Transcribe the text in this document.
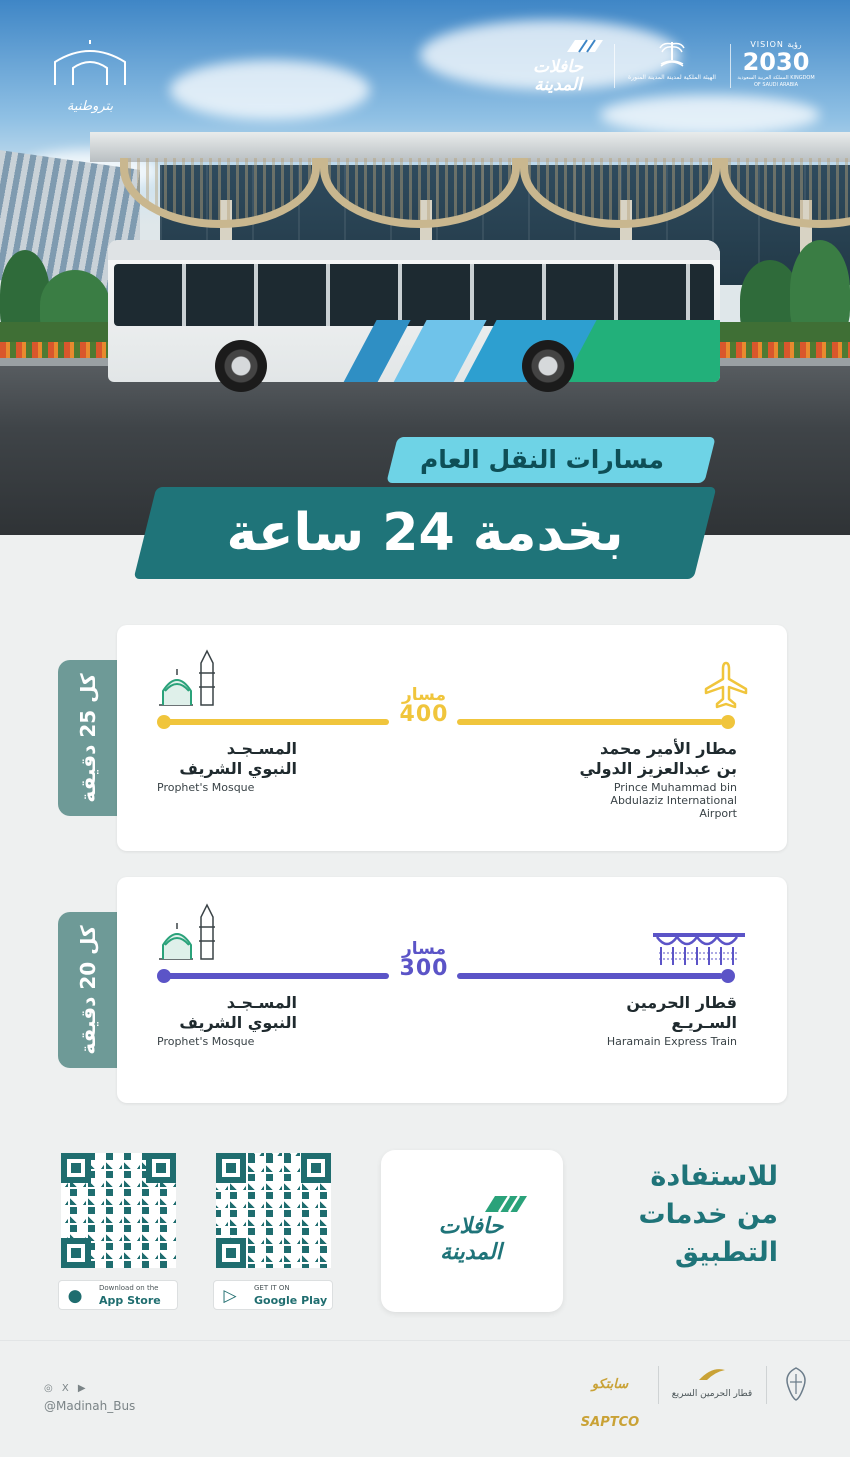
بتروطنية
حافلات المدينة	الهيئة الملكية لمدينة المدينة المنورة
VISION رؤية
2030
المملكة العربية السعودية KINGDOM OF SAUDI ARABIA
مسارات النقل العام
بخدمة 24 ساعة
كل 25 دقيقة	مسار
400
المسـجـد
النبوي الشريف
Prophet's Mosque
مطار الأمير محمد
بن عبدالعزيز الدولي
Prince Muhammad bin
Abdulaziz International
Airport
كل 20 دقيقة	مسار
300
المسـجـد
النبوي الشريف
Prophet's Mosque
قطار الحرمين
السـريـع
Haramain Express Train
●	Download on the
App Store	▷	GET IT ON
Google Play
حافلات
المدينة
للاستفادة
من خدمات
التطبيق
◎ X ▶
@Madinah_Bus
سابتكو SAPTCO
قطار الحرمين السريع
